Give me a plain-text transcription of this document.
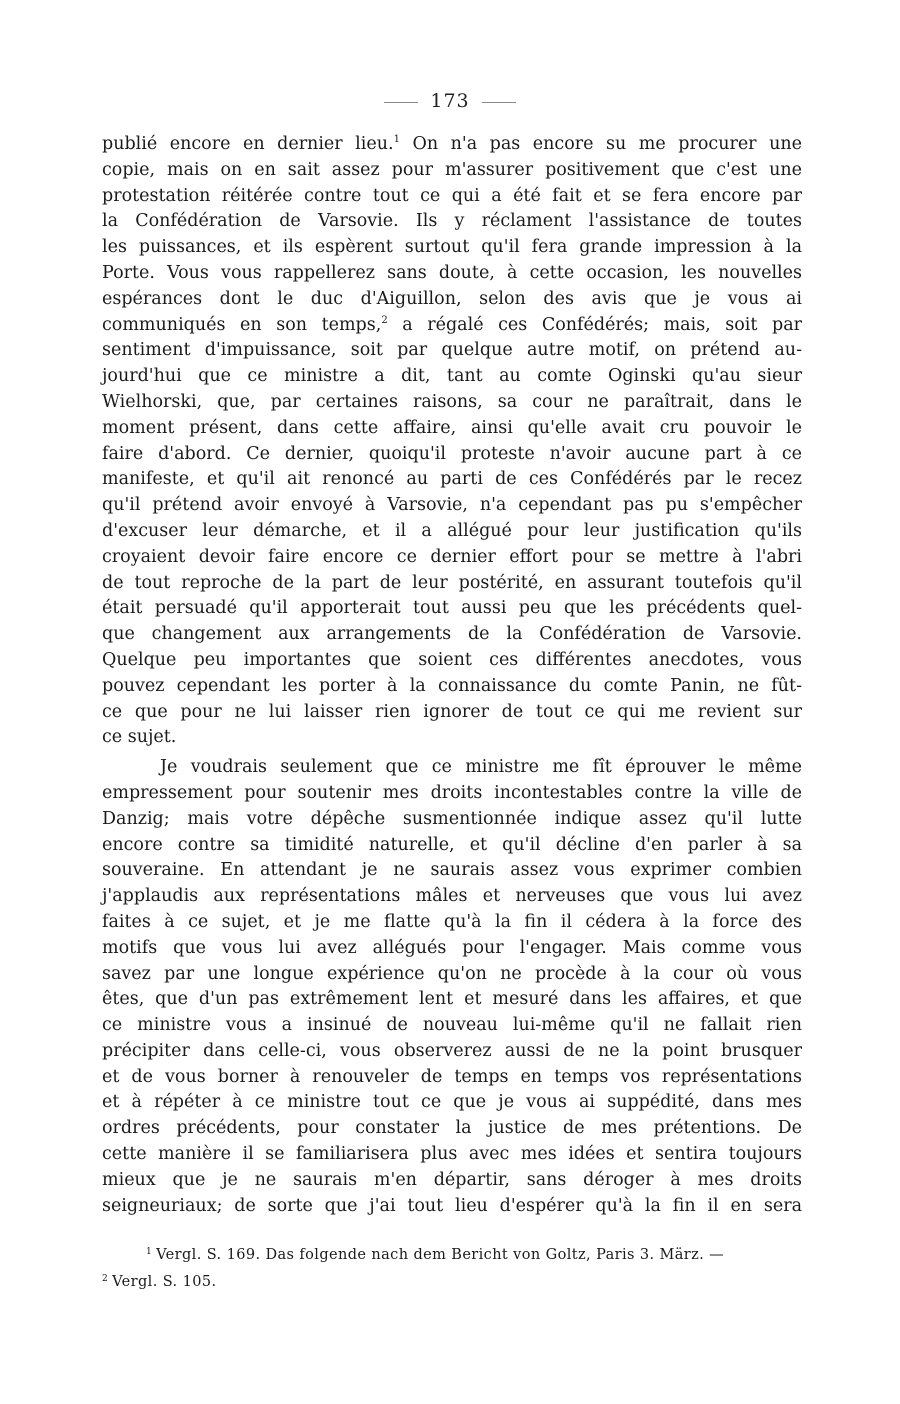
173
publié encore en dernier lieu.$^1$ On n'a pas encore su me procurer une
copie, mais on en sait assez pour m'assurer positivement que c'est une
protestation réitérée contre tout ce qui a été fait et se fera encore par
la Confédération de Varsovie. Ils y réclament l'assistance de toutes
les puissances, et ils espèrent surtout qu'il fera grande impression à la
Porte. Vous vous rappellerez sans doute, à cette occasion, les nouvelles
espérances dont le duc d'Aiguillon, selon des avis que je vous ai
communiqués en son temps,$^2$ a régalé ces Confédérés; mais, soit par
sentiment d'impuissance, soit par quelque autre motif, on prétend au-
jourd'hui que ce ministre a dit, tant au comte Oginski qu'au sieur
Wielhorski, que, par certaines raisons, sa cour ne paraîtrait, dans le
moment présent, dans cette affaire, ainsi qu'elle avait cru pouvoir le
faire d'abord. Ce dernier, quoiqu'il proteste n'avoir aucune part à ce
manifeste, et qu'il ait renoncé au parti de ces Confédérés par le recez
qu'il prétend avoir envoyé à Varsovie, n'a cependant pas pu s'empêcher
d'excuser leur démarche, et il a allégué pour leur justification qu'ils
croyaient devoir faire encore ce dernier effort pour se mettre à l'abri
de tout reproche de la part de leur postérité, en assurant toutefois qu'il
était persuadé qu'il apporterait tout aussi peu que les précédents quel-
que changement aux arrangements de la Confédération de Varsovie.
Quelque peu importantes que soient ces différentes anecdotes, vous
pouvez cependant les porter à la connaissance du comte Panin, ne fût-
ce que pour ne lui laisser rien ignorer de tout ce qui me revient sur
ce sujet.
Je voudrais seulement que ce ministre me fît éprouver le même
empressement pour soutenir mes droits incontestables contre la ville de
Danzig; mais votre dépêche susmentionnée indique assez qu'il lutte
encore contre sa timidité naturelle, et qu'il décline d'en parler à sa
souveraine. En attendant je ne saurais assez vous exprimer combien
j'applaudis aux représentations mâles et nerveuses que vous lui avez
faites à ce sujet, et je me flatte qu'à la fin il cédera à la force des
motifs que vous lui avez allégués pour l'engager. Mais comme vous
savez par une longue expérience qu'on ne procède à la cour où vous
êtes, que d'un pas extrêmement lent et mesuré dans les affaires, et que
ce ministre vous a insinué de nouveau lui-même qu'il ne fallait rien
précipiter dans celle-ci, vous observerez aussi de ne la point brusquer
et de vous borner à renouveler de temps en temps vos représentations
et à répéter à ce ministre tout ce que je vous ai suppédité, dans mes
ordres précédents, pour constater la justice de mes prétentions. De
cette manière il se familiarisera plus avec mes idées et sentira toujours
mieux que je ne saurais m'en départir, sans déroger à mes droits
seigneuriaux; de sorte que j'ai tout lieu d'espérer qu'à la fin il en sera
$^1$ Vergl. S. 169. Das folgende nach dem Bericht von Goltz, Paris 3. März. —
$^2$ Vergl. S. 105.
